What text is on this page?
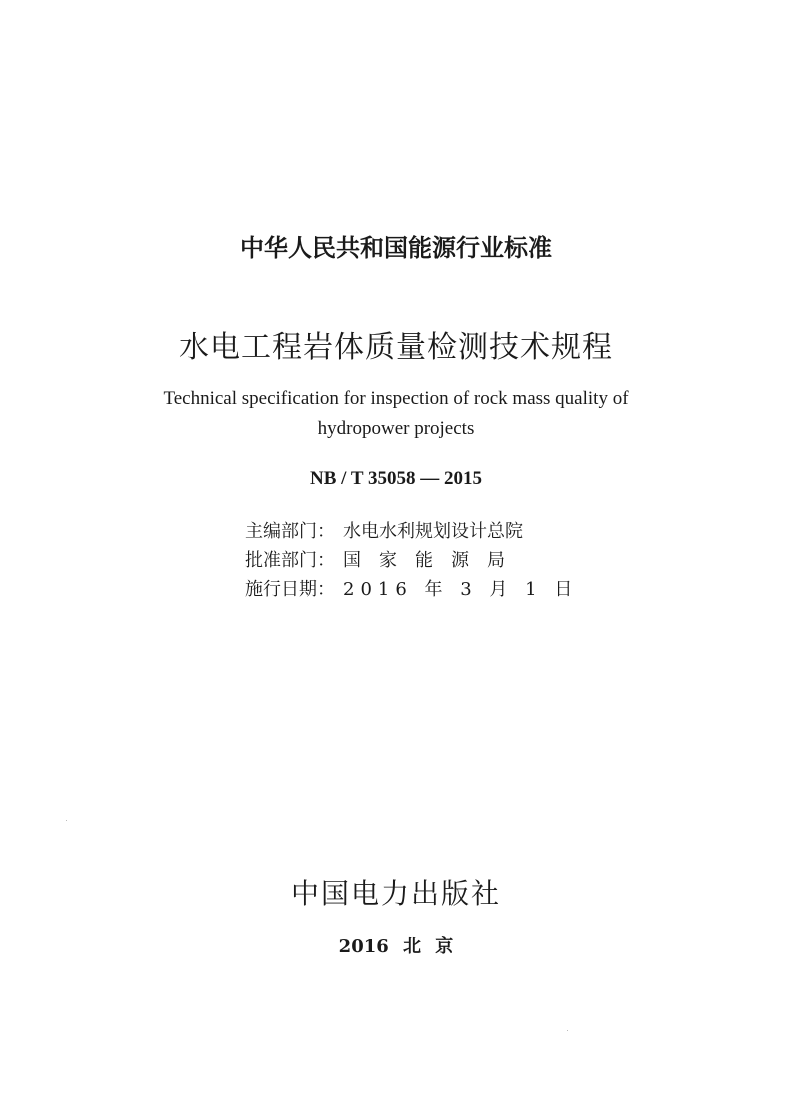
中华人民共和国能源行业标准
水电工程岩体质量检测技术规程
Technical specification for inspection of rock mass quality of
hydropower projects
NB / T 35058 — 2015
主编部门： 水电水利规划设计总院
批准部门： 国家能源局
施行日期： 2016 年 3 月 1 日
中国电力出版社
2016 北 京
